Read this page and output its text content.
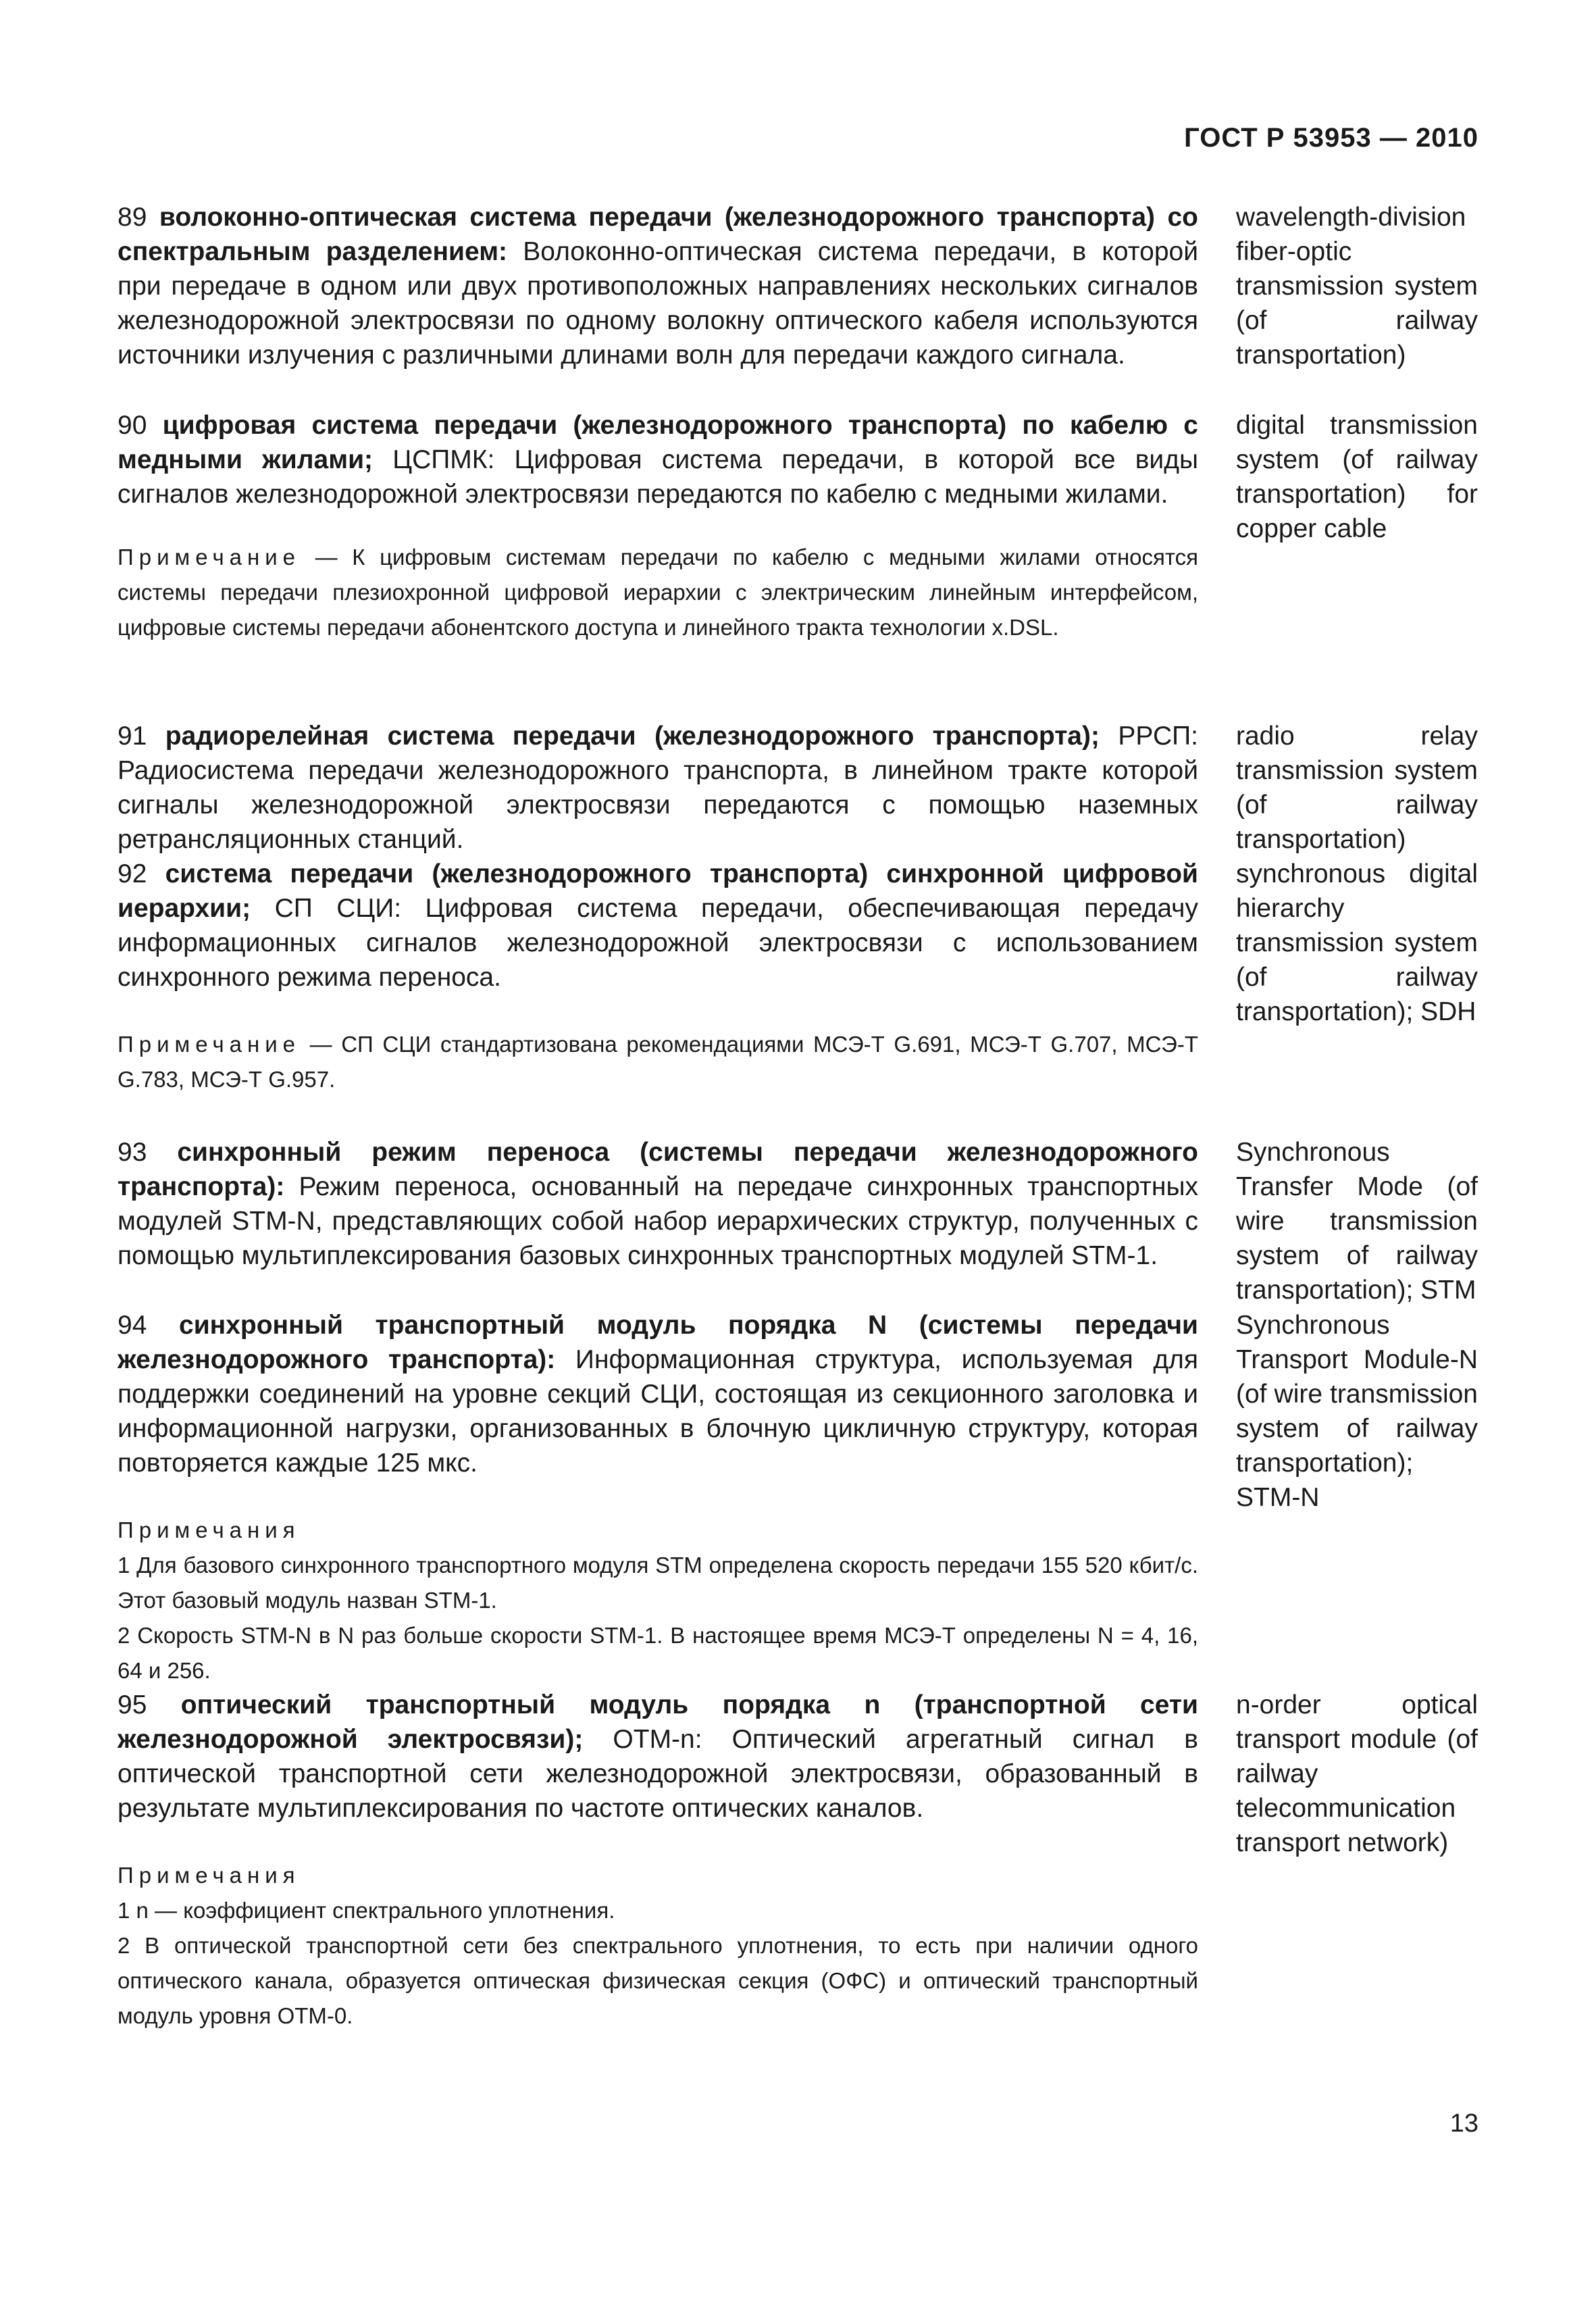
ГОСТ Р 53953 — 2010

89 волоконно-оптическая система передачи (железнодорожного транспорта) со спектральным разделением: Волоконно-оптическая система передачи, в которой при передаче в одном или двух противоположных направлениях нескольких сигналов железнодорожной электросвязи по одному волокну оптического кабеля используются источники излучения с различными длинами волн для передачи каждого сигнала.

wavelength-division fiber-optic transmission system (of railway transportation)

90 цифровая система передачи (железнодорожного транспорта) по кабелю с медными жилами; ЦСПМК: Цифровая система передачи, в которой все виды сигналов железнодорожной электросвязи передаются по кабелю с медными жилами.

Примечание — К цифровым системам передачи по кабелю с медными жилами относятся системы передачи плезиохронной цифровой иерархии с электрическим линейным интерфейсом, цифровые системы передачи абонентского доступа и линейного тракта технологии x.DSL.

digital transmission system (of railway transportation) for copper cable

91 радиорелейная система передачи (железнодорожного транспорта); РРСП: Радиосистема передачи железнодорожного транспорта, в линейном тракте которой сигналы железнодорожной электросвязи передаются с помощью наземных ретрансляционных станций.

radio relay transmission system (of railway transportation)

92 система передачи (железнодорожного транспорта) синхронной цифровой иерархии; СП СЦИ: Цифровая система передачи, обеспечивающая передачу информационных сигналов железнодорожной электросвязи с использованием синхронного режима переноса.

Примечание — СП СЦИ стандартизована рекомендациями МСЭ-Т G.691, МСЭ-Т G.707, МСЭ-Т G.783, МСЭ-Т G.957.

synchronous digital hierarchy transmission system (of railway transportation); SDH

93 синхронный режим переноса (системы передачи железнодорожного транспорта): Режим переноса, основанный на передаче синхронных транспортных модулей STM-N, представляющих собой набор иерархических структур, полученных с помощью мультиплексирования базовых синхронных транспортных модулей STM-1.

Synchronous Transfer Mode (of wire transmission system of railway transportation); STM

94 синхронный транспортный модуль порядка N (системы передачи железнодорожного транспорта): Информационная структура, используемая для поддержки соединений на уровне секций СЦИ, состоящая из секционного заголовка и информационной нагрузки, организованных в блочную цикличную структуру, которая повторяется каждые 125 мкс.

Примечания

1 Для базового синхронного транспортного модуля STM определена скорость передачи 155 520 кбит/с. Этот базовый модуль назван STM-1.

2 Скорость STM-N в N раз больше скорости STM-1. В настоящее время МСЭ-Т определены N = 4, 16, 64 и 256.

Synchronous Transport Module-N (of wire transmission system of railway transportation); STM-N

95 оптический транспортный модуль порядка n (транспортной сети железнодорожной электросвязи); ОТМ-n: Оптический агрегатный сигнал в оптической транспортной сети железнодорожной электросвязи, образованный в результате мультиплексирования по частоте оптических каналов.

Примечания

1 n — коэффициент спектрального уплотнения.

2 В оптической транспортной сети без спектрального уплотнения, то есть при наличии одного оптического канала, образуется оптическая физическая секция (ОФС) и оптический транспортный модуль уровня ОТМ-0.

n-order optical transport module (of railway telecommunication transport network)

13
